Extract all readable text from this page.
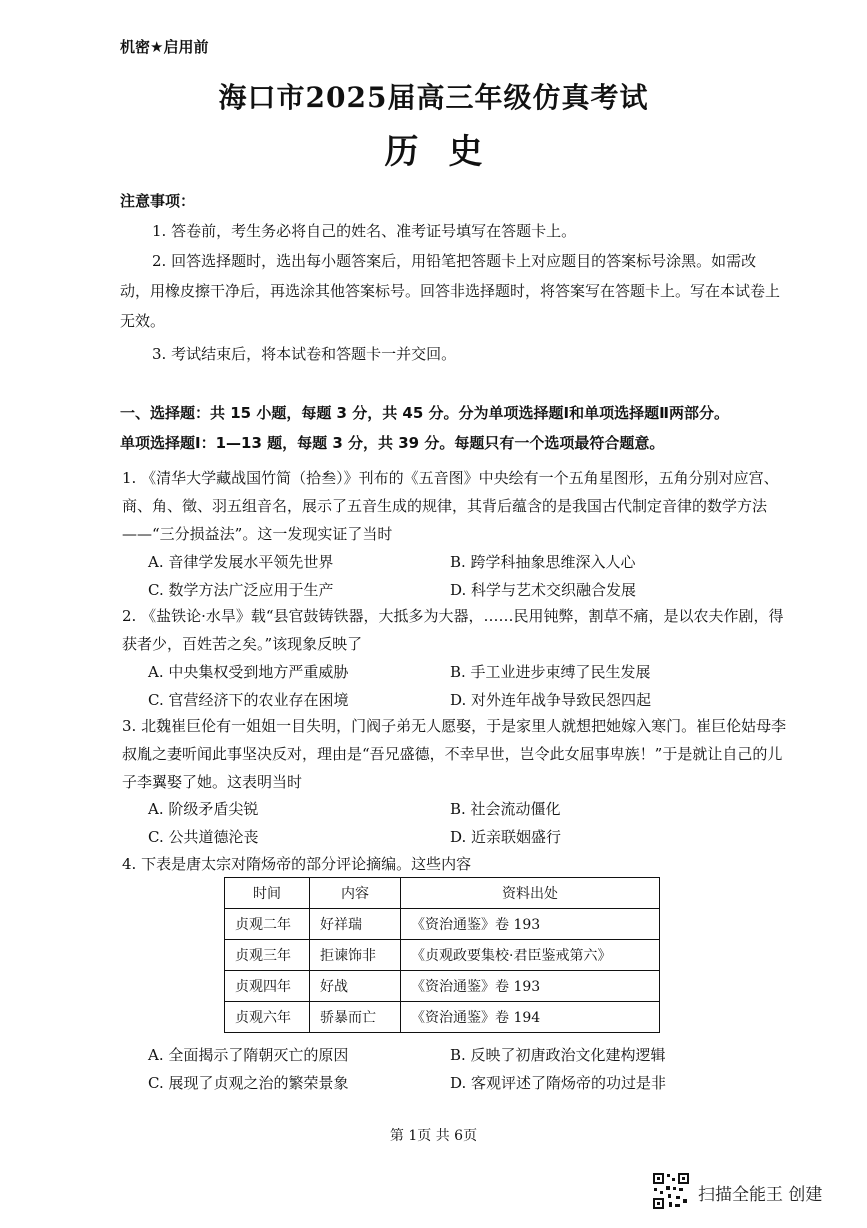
机密★启用前
海口市2025届高三年级仿真考试
历史
注意事项：
1. 答卷前，考生务必将自己的姓名、准考证号填写在答题卡上。
2. 回答选择题时，选出每小题答案后，用铅笔把答题卡上对应题目的答案标号涂黑。如需改动，用橡皮擦干净后，再选涂其他答案标号。回答非选择题时，将答案写在答题卡上。写在本试卷上无效。
3. 考试结束后，将本试卷和答题卡一并交回。
一、选择题：共 15 小题，每题 3 分，共 45 分。分为单项选择题Ⅰ和单项选择题Ⅱ两部分。
单项选择题Ⅰ：1—13 题，每题 3 分，共 39 分。每题只有一个选项最符合题意。
1. 《清华大学藏战国竹简（拾叁）》刊布的《五音图》中央绘有一个五角星图形，五角分别对应宫、商、角、徵、羽五组音名，展示了五音生成的规律，其背后蕴含的是我国古代制定音律的数学方法——“三分损益法”。这一发现实证了当时
A. 音律学发展水平领先世界	B. 跨学科抽象思维深入人心
C. 数学方法广泛应用于生产	D. 科学与艺术交织融合发展
2. 《盐铁论·水旱》载“县官鼓铸铁器，大抵多为大器，……民用钝弊，割草不痛，是以农夫作剧，得获者少，百姓苦之矣。”该现象反映了
A. 中央集权受到地方严重威胁	B. 手工业进步束缚了民生发展
C. 官营经济下的农业存在困境	D. 对外连年战争导致民怨四起
3. 北魏崔巨伦有一姐姐一目失明，门阀子弟无人愿娶，于是家里人就想把她嫁入寒门。崔巨伦姑母李叔胤之妻听闻此事坚决反对，理由是“吾兄盛德，不幸早世，岂令此女屈事卑族！”于是就让自己的儿子李翼娶了她。这表明当时
A. 阶级矛盾尖锐	B. 社会流动僵化
C. 公共道德沦丧	D. 近亲联姻盛行
4. 下表是唐太宗对隋炀帝的部分评论摘编。这些内容
时间	内容	资料出处
贞观二年	好祥瑞	《资治通鉴》卷 193
贞观三年	拒谏饰非	《贞观政要集校·君臣鉴戒第六》
贞观四年	好战	《资治通鉴》卷 193
贞观六年	骄暴而亡	《资治通鉴》卷 194
A. 全面揭示了隋朝灭亡的原因	B. 反映了初唐政治文化建构逻辑
C. 展现了贞观之治的繁荣景象	D. 客观评述了隋炀帝的功过是非
第 1页 共 6页
扫描全能王 创建
